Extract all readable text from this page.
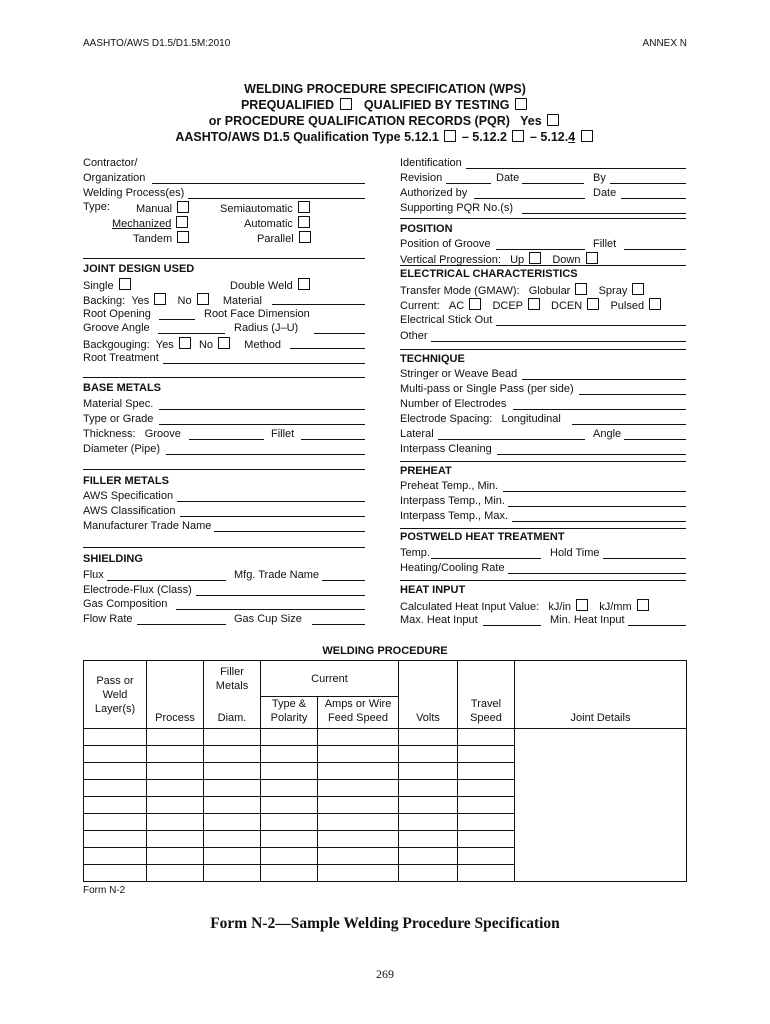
AASHTO/AWS D1.5/D1.5M:2010	ANNEX N
WELDING PROCEDURE SPECIFICATION (WPS)
PREQUALIFIED QUALIFIED BY TESTING
or PROCEDURE QUALIFICATION RECORDS (PQR) Yes
AASHTO/AWS D1.5 Qualification Type 5.12.1 – 5.12.2 – 5.12.4
Contractor/
Organization
Welding Process(es)
Type: Manual	Semiautomatic
Mechanized	Automatic
Tandem	Parallel
JOINT DESIGN USED
Single	Double Weld
Backing: Yes	No	Material
Root Opening	Root Face Dimension
Groove Angle	Radius (J–U)
Backgouging: Yes No	Method
Root Treatment
BASE METALS
Material Spec.
Type or Grade
Thickness: Groove	Fillet
Diameter (Pipe)
FILLER METALS
AWS Specification
AWS Classification
Manufacturer Trade Name
SHIELDING
Flux	Mfg. Trade Name
Electrode-Flux (Class)
Gas Composition
Flow Rate	Gas Cup Size
Identification
Revision	Date	By
Authorized by	Date
Supporting PQR No.(s)
POSITION
Position of Groove	Fillet
Vertical Progression: Up	Down
ELECTRICAL CHARACTERISTICS
Transfer Mode (GMAW): Globular	Spray
Current: AC	DCEP	DCEN	Pulsed
Electrical Stick Out
Other
TECHNIQUE
Stringer or Weave Bead
Multi-pass or Single Pass (per side)
Number of Electrodes
Electrode Spacing: Longitudinal
Lateral	Angle
Interpass Cleaning
PREHEAT
Preheat Temp., Min.
Interpass Temp., Min.
Interpass Temp., Max.
POSTWELD HEAT TREATMENT
Temp.	Hold Time
Heating/Cooling Rate
HEAT INPUT
Calculated Heat Input Value: kJ/in	kJ/mm
Max. Heat Input	Min. Heat Input
WELDING PROCEDURE
Pass or Weld Layer(s)	Process	Filler Metals	Current		Volts	Travel Speed	Joint Details
		Diam.	Type & Polarity	Amps or Wire Feed Speed			

Form N-2
Form N-2—Sample Welding Procedure Specification
269
